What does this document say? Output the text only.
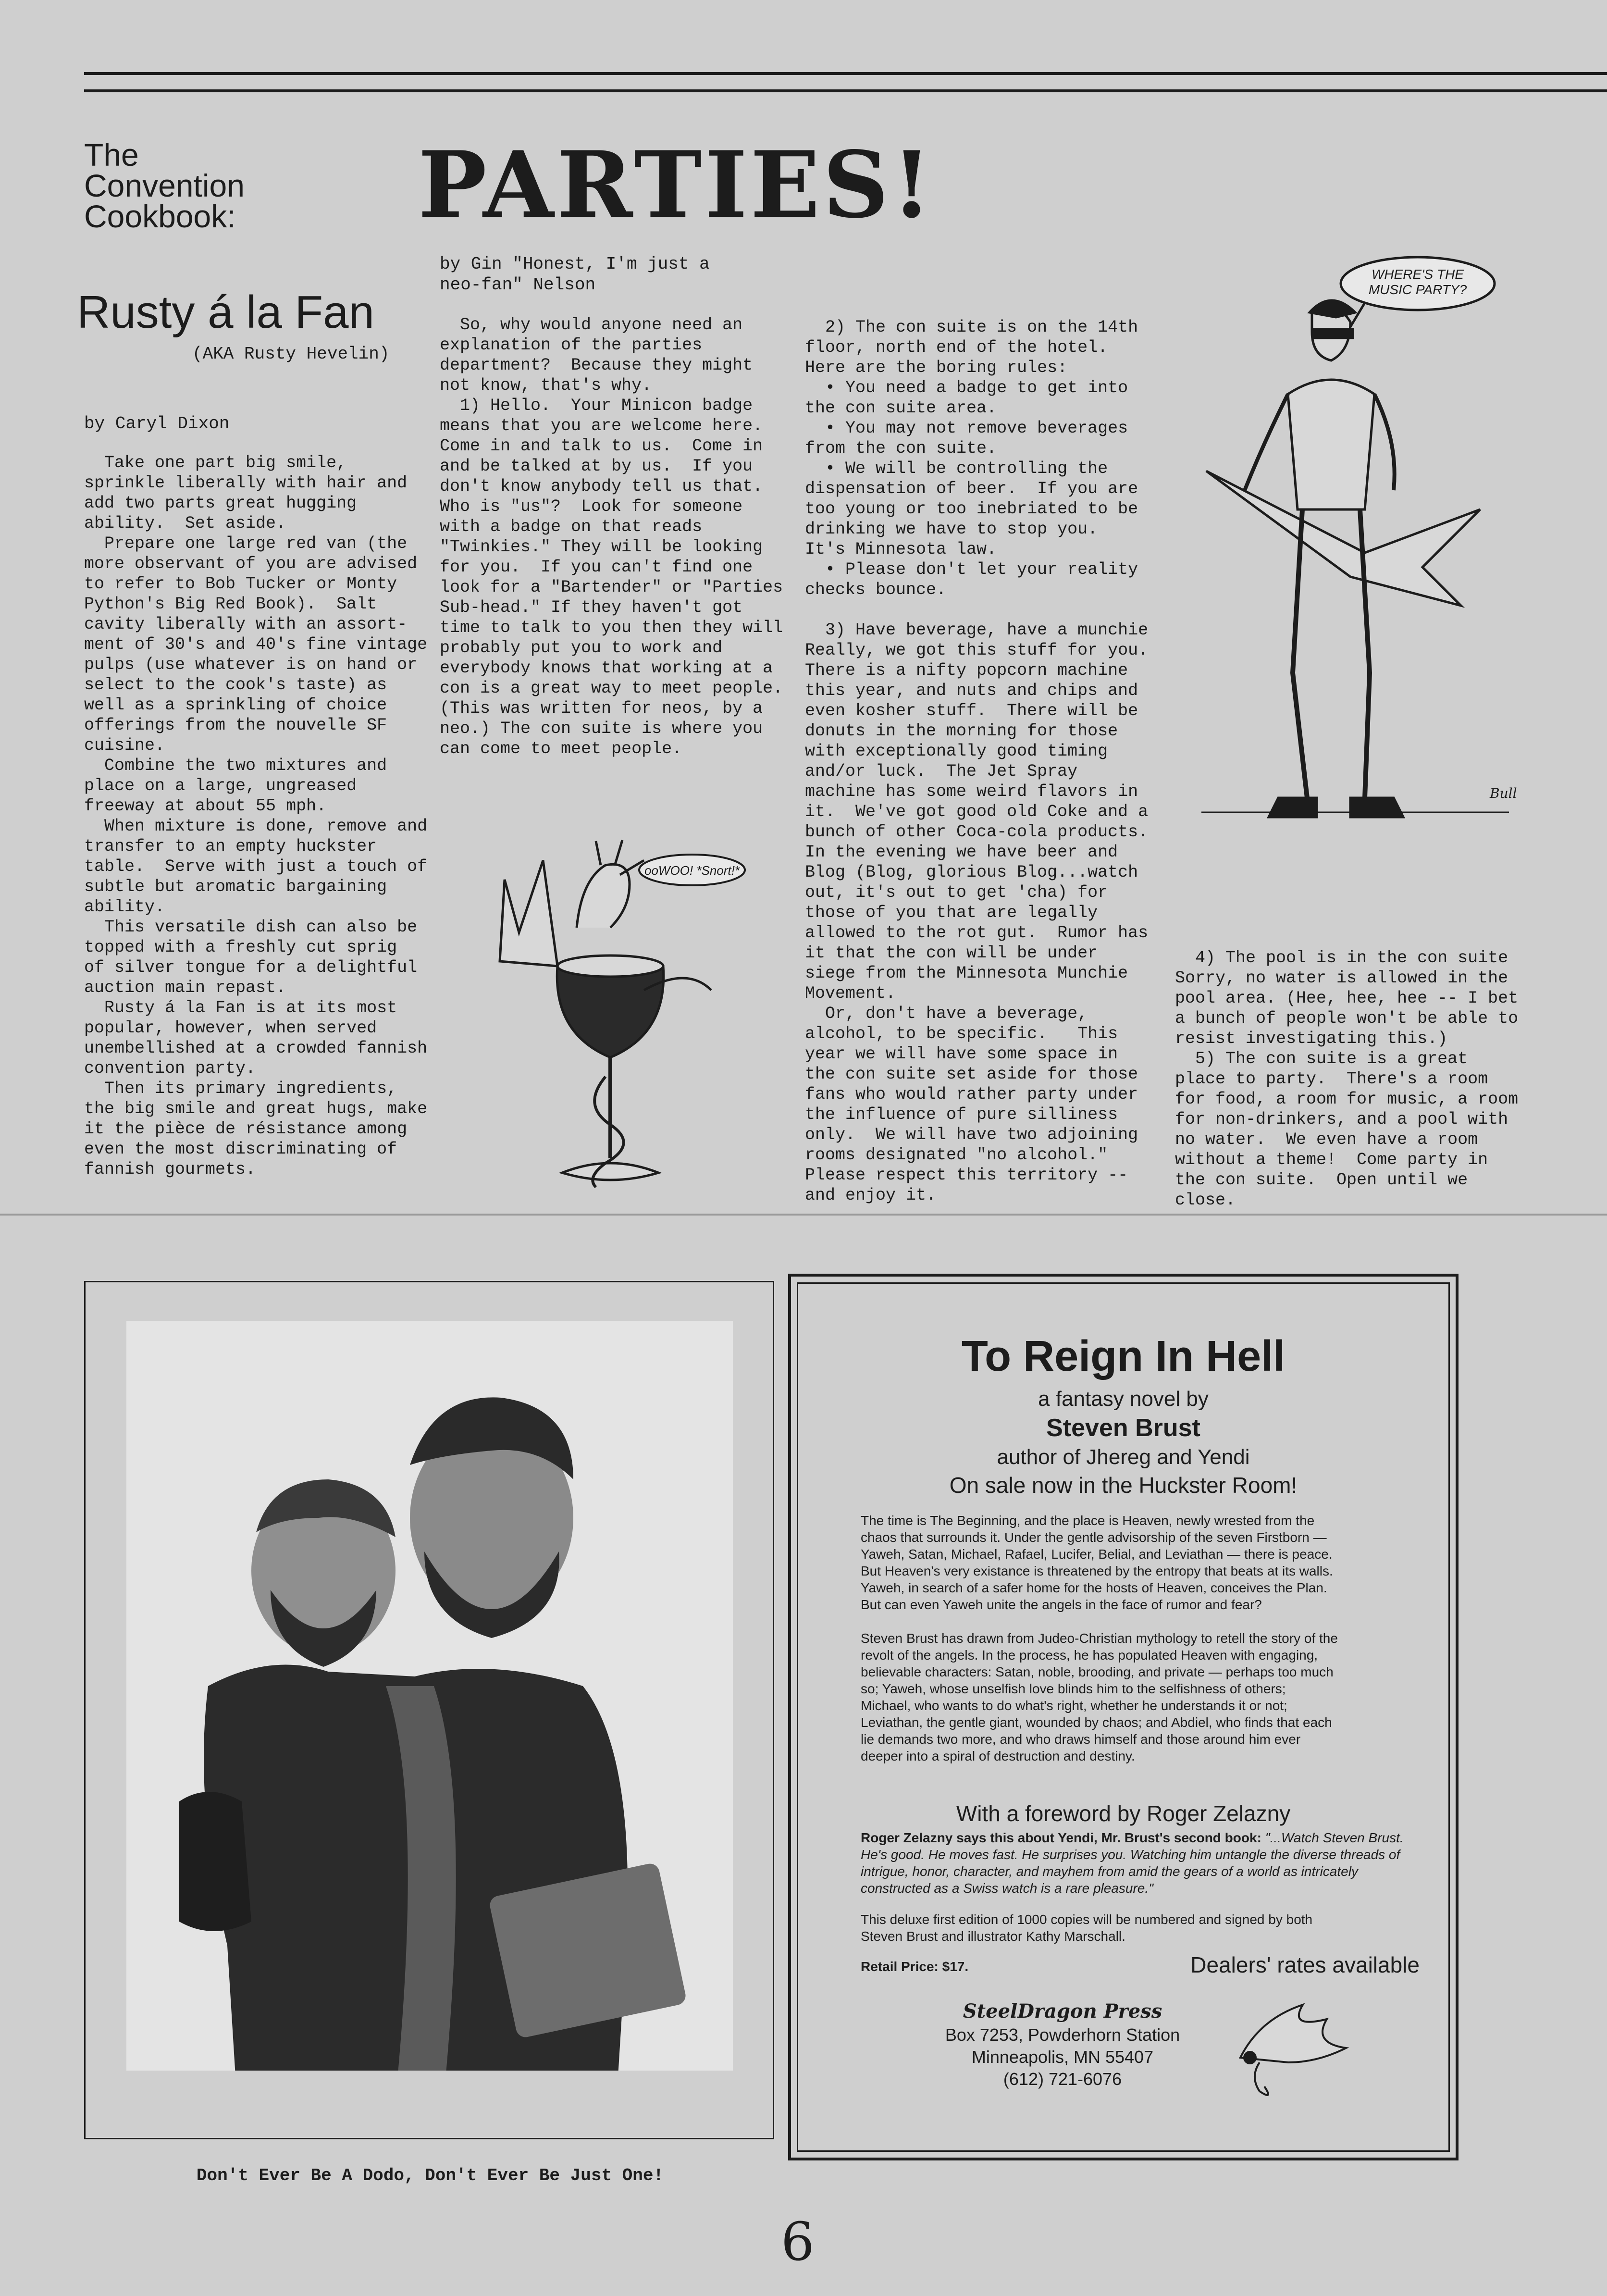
The
Convention
Cookbook: PARTIES!
Rusty á la Fan
(AKA Rusty Hevelin)
by Caryl Dixon
Take one part big smile,
sprinkle liberally with hair and
add two parts great hugging
ability.  Set aside.
Prepare one large red van (the
more observant of you are advised
to refer to Bob Tucker or Monty
Python's Big Red Book).  Salt
cavity liberally with an assort-
ment of 30's and 40's fine vintage
pulps (use whatever is on hand or
select to the cook's taste) as
well as a sprinkling of choice
offerings from the nouvelle SF
cuisine.
Combine the two mixtures and
place on a large, ungreased
freeway at about 55 mph.
When mixture is done, remove and
transfer to an empty huckster
table.  Serve with just a touch of
subtle but aromatic bargaining
ability.
This versatile dish can also be
topped with a freshly cut sprig
of silver tongue for a delightful
auction main repast.
Rusty á la Fan is at its most
popular, however, when served
unembellished at a crowded fannish
convention party.
Then its primary ingredients,
the big smile and great hugs, make
it the pièce de résistance among
even the most discriminating of
fannish gourmets.
by Gin "Honest, I'm just a
neo-fan" Nelson
So, why would anyone need an
explanation of the parties
department?  Because they might
not know, that's why.
1) Hello.  Your Minicon badge
means that you are welcome here.
Come in and talk to us.  Come in
and be talked at by us.  If you
don't know anybody tell us that.
Who is "us"?  Look for someone
with a badge on that reads
"Twinkies." They will be looking
for you.  If you can't find one
look for a "Bartender" or "Parties
Sub-head." If they haven't got
time to talk to you then they will
probably put you to work and
everybody knows that working at a
con is a great way to meet people.
(This was written for neos, by a
neo.) The con suite is where you
can come to meet people.
2) The con suite is on the 14th
floor, north end of the hotel.
Here are the boring rules:
• You need a badge to get into
the con suite area.
• You may not remove beverages
from the con suite.
• We will be controlling the
dispensation of beer.  If you are
too young or too inebriated to be
drinking we have to stop you.
It's Minnesota law.
• Please don't let your reality
checks bounce.

3) Have beverage, have a munchie
Really, we got this stuff for you.
There is a nifty popcorn machine
this year, and nuts and chips and
even kosher stuff.  There will be
donuts in the morning for those
with exceptionally good timing
and/or luck.  The Jet Spray
machine has some weird flavors in
it.  We've got good old Coke and a
bunch of other Coca-cola products.
In the evening we have beer and
Blog (Blog, glorious Blog...watch
out, it's out to get 'cha) for
those of you that are legally
allowed to the rot gut.  Rumor has
it that the con will be under
siege from the Minnesota Munchie
Movement.
Or, don't have a beverage,
alcohol, to be specific.   This
year we will have some space in
the con suite set aside for those
fans who would rather party under
the influence of pure silliness
only.  We will have two adjoining
rooms designated "no alcohol."
Please respect this territory --
and enjoy it.
4) The pool is in the con suite
Sorry, no water is allowed in the
pool area. (Hee, hee, hee -- I bet
a bunch of people won't be able to
resist investigating this.)
5) The con suite is a great
place to party.  There's a room
for food, a room for music, a room
for non-drinkers, and a pool with
no water.  We even have a room
without a theme!  Come party in
the con suite.  Open until we
close.
ooWOO! *Snort!*
WHERE'S THE
MUSIC PARTY?
Bull
Don't Ever Be A Dodo, Don't Ever Be Just One!
To Reign In Hell
a fantasy novel by
Steven Brust
author of Jhereg and Yendi
On sale now in the Huckster Room!
The time is The Beginning, and the place is Heaven, newly wrested from the
chaos that surrounds it. Under the gentle advisorship of the seven Firstborn —
Yaweh, Satan, Michael, Rafael, Lucifer, Belial, and Leviathan — there is peace.
But Heaven's very existance is threatened by the entropy that beats at its walls.
Yaweh, in search of a safer home for the hosts of Heaven, conceives the Plan.
But can even Yaweh unite the angels in the face of rumor and fear?
Steven Brust has drawn from Judeo-Christian mythology to retell the story of the
revolt of the angels. In the process, he has populated Heaven with engaging,
believable characters: Satan, noble, brooding, and private — perhaps too much
so; Yaweh, whose unselfish love blinds him to the selfishness of others;
Michael, who wants to do what's right, whether he understands it or not;
Leviathan, the gentle giant, wounded by chaos; and Abdiel, who finds that each
lie demands two more, and who draws himself and those around him ever
deeper into a spiral of destruction and destiny.
With a foreword by Roger Zelazny
Roger Zelazny says this about Yendi, Mr. Brust's second book: "...Watch Steven Brust. He's good. He moves fast. He surprises you. Watching him untangle the diverse threads of intrigue, honor, character, and mayhem from amid the gears of a world as intricately constructed as a Swiss watch is a rare pleasure."
This deluxe first edition of 1000 copies will be numbered and signed by both
Steven Brust and illustrator Kathy Marschall.
Retail Price: $17.	Dealers' rates available
SteelDragon Press
Box 7253, Powderhorn Station
Minneapolis, MN 55407
(612) 721-6076
6
